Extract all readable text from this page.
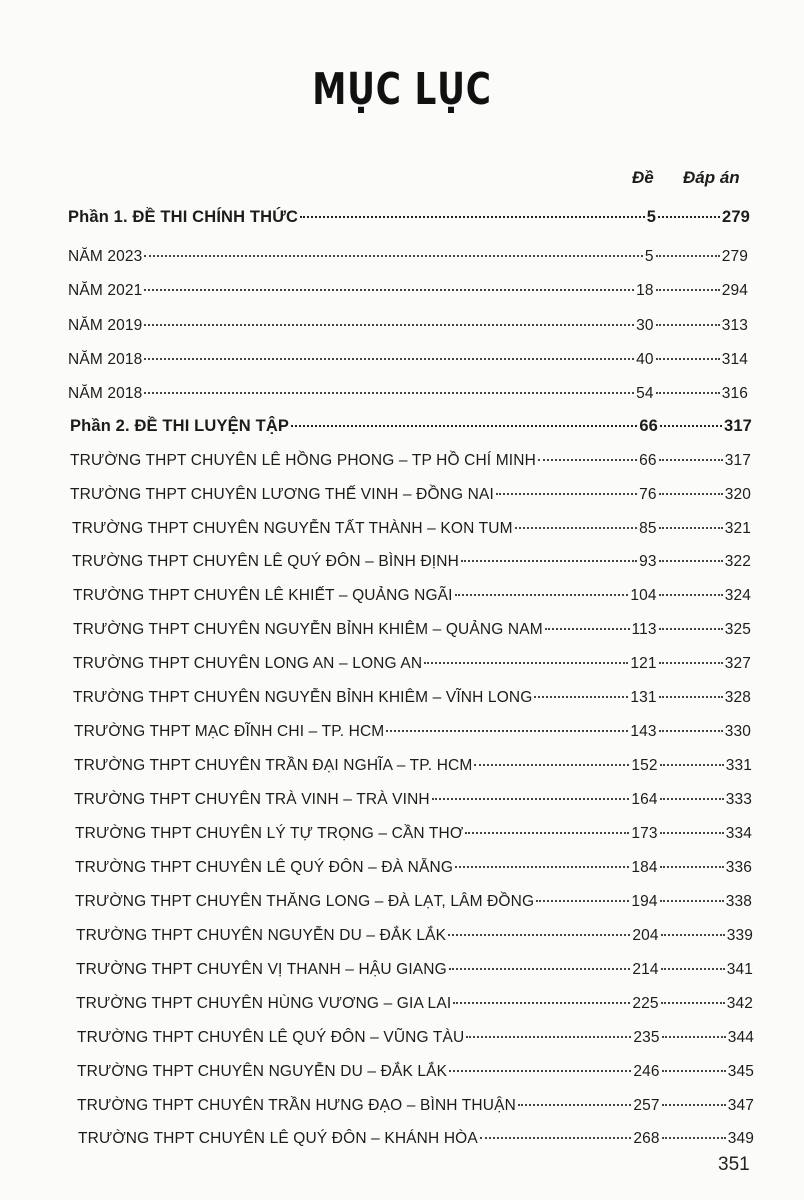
MỤC LỤC
Đề Đáp án
Phần 1. ĐỀ THI CHÍNH THỨC	5	279
NĂM 2023	5	279
NĂM 2021	18	294
NĂM 2019	30	313
NĂM 2018	40	314
NĂM 2018	54	316
Phần 2. ĐỀ THI LUYỆN TẬP	66	317
TRƯỜNG THPT CHUYÊN LÊ HỒNG PHONG – TP HỒ CHÍ MINH	66	317
TRƯỜNG THPT CHUYÊN LƯƠNG THẾ VINH – ĐỒNG NAI	76	320
TRƯỜNG THPT CHUYÊN NGUYỄN TẤT THÀNH – KON TUM	85	321
TRƯỜNG THPT CHUYÊN LÊ QUÝ ĐÔN – BÌNH ĐỊNH	93	322
TRƯỜNG THPT CHUYÊN LÊ KHIẾT – QUẢNG NGÃI	104	324
TRƯỜNG THPT CHUYÊN NGUYỄN BỈNH KHIÊM – QUẢNG NAM	113	325
TRƯỜNG THPT CHUYÊN LONG AN – LONG AN	121	327
TRƯỜNG THPT CHUYÊN NGUYỄN BỈNH KHIÊM – VĨNH LONG	131	328
TRƯỜNG THPT MẠC ĐĨNH CHI – TP. HCM	143	330
TRƯỜNG THPT CHUYÊN TRẦN ĐẠI NGHĨA – TP. HCM	152	331
TRƯỜNG THPT CHUYÊN TRÀ VINH – TRÀ VINH	164	333
TRƯỜNG THPT CHUYÊN LÝ TỰ TRỌNG – CẦN THƠ	173	334
TRƯỜNG THPT CHUYÊN LÊ QUÝ ĐÔN – ĐÀ NẴNG	184	336
TRƯỜNG THPT CHUYÊN THĂNG LONG – ĐÀ LẠT, LÂM ĐỒNG	194	338
TRƯỜNG THPT CHUYÊN NGUYỄN DU – ĐẮK LẮK	204	339
TRƯỜNG THPT CHUYÊN VỊ THANH – HẬU GIANG	214	341
TRƯỜNG THPT CHUYÊN HÙNG VƯƠNG – GIA LAI	225	342
TRƯỜNG THPT CHUYÊN LÊ QUÝ ĐÔN – VŨNG TÀU	235	344
TRƯỜNG THPT CHUYÊN NGUYỄN DU – ĐẮK LẮK	246	345
TRƯỜNG THPT CHUYÊN TRẦN HƯNG ĐẠO – BÌNH THUẬN	257	347
TRƯỜNG THPT CHUYÊN LÊ QUÝ ĐÔN – KHÁNH HÒA	268	349
351
